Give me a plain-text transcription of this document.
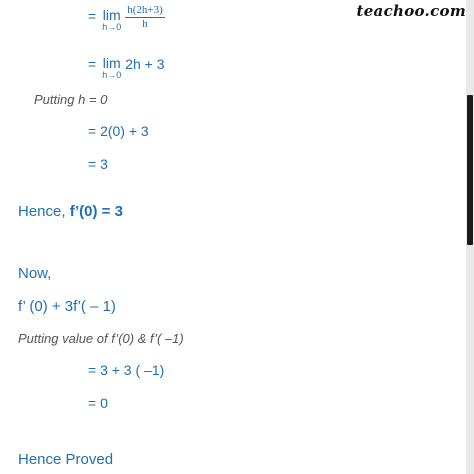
teachoo.com
= lim
$h\to 0 \frac{h(2h+3)}{h}$
= lim
h→0
2h + 3
Putting h = 0
= 2(0) + 3
= 3
Hence, f’(0) = 3
Now,
f’ (0) + 3f’( – 1)
Putting value of f’(0) & f’( –1)
= 3 + 3 ( –1)
= 0
Hence Proved
